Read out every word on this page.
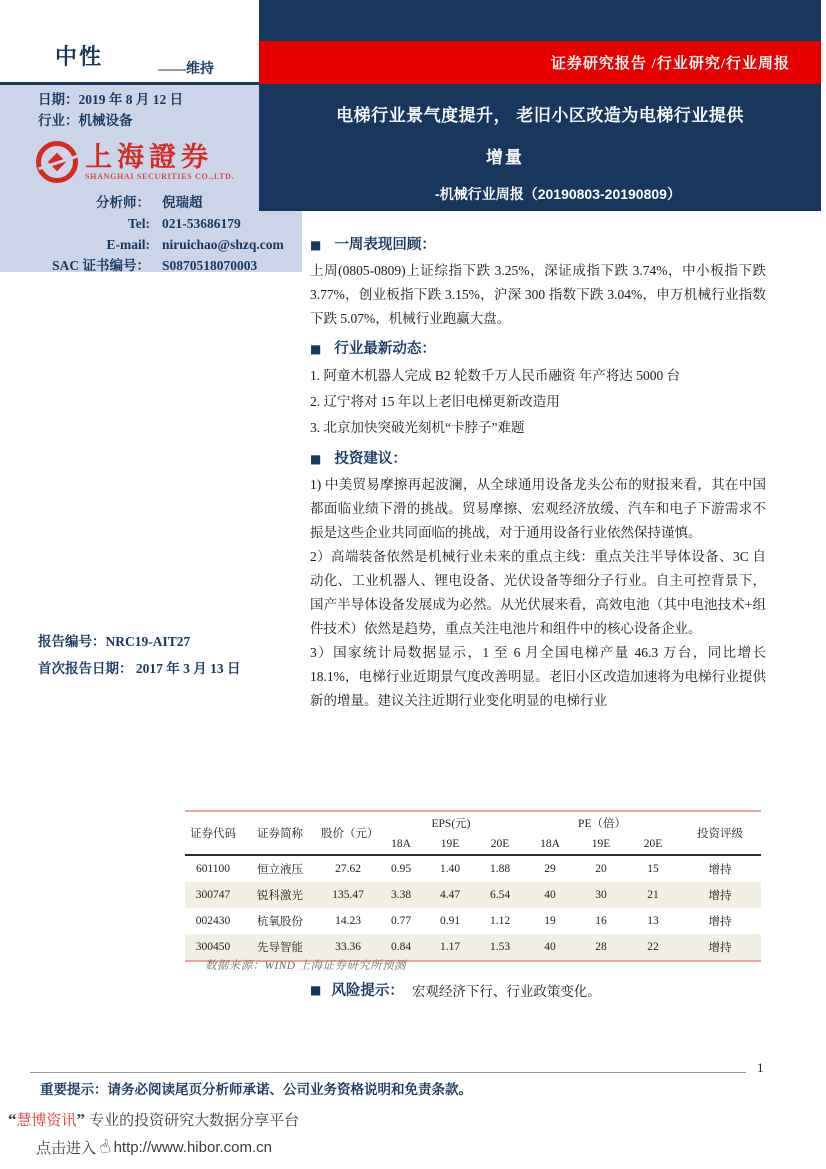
中性
——维持
日期：2019 年 8 月 12 日
行业：机械设备
上海證券
SHANGHAI SECURITIES CO.,LTD.
分析师： 倪瑞超
Tel: 021-53686179
E-mail: niruichao@shzq.com
SAC 证书编号： S0870518070003
证券研究报告 /行业研究/行业周报
电梯行业景气度提升， 老旧小区改造为电梯行业提供
增量
-机械行业周报（20190803-20190809）
报告编号：NRC19-AIT27
首次报告日期： 2017 年 3 月 13 日
■ 一周表现回顾：
上周(0805-0809)上证综指下跌 3.25%，深证成指下跌 3.74%，中小板指下跌 3.77%，创业板指下跌 3.15%，沪深 300 指数下跌 3.04%，申万机械行业指数下跌 5.07%，机械行业跑赢大盘。
■ 行业最新动态：
1. 阿童木机器人完成 B2 轮数千万人民币融资 年产将达 5000 台
2. 辽宁将对 15 年以上老旧电梯更新改造用
3. 北京加快突破光刻机“卡脖子”难题
■ 投资建议：
1) 中美贸易摩擦再起波澜，从全球通用设备龙头公布的财报来看，其在中国都面临业绩下滑的挑战。贸易摩擦、宏观经济放缓、汽车和电子下游需求不振是这些企业共同面临的挑战，对于通用设备行业依然保持谨慎。
2）高端装备依然是机械行业未来的重点主线：重点关注半导体设备、3C 自动化、工业机器人、锂电设备、光伏设备等细分子行业。自主可控背景下，国产半导体设备发展成为必然。从光伏展来看，高效电池（其中电池技术+组件技术）依然是趋势，重点关注电池片和组件中的核心设备企业。
3）国家统计局数据显示，1 至 6 月全国电梯产量 46.3 万台，同比增长 18.1%，电梯行业近期景气度改善明显。老旧小区改造加速将为电梯行业提供新的增量。建议关注近期行业变化明显的电梯行业
证券代码	证券简称	股价（元）	EPS(元)			PE（倍）			投资评级
			18A	19E	20E	18A	19E	20E	
601100	恒立液压	27.62	0.95	1.40	1.88	29	20	15	增持
300747	锐科激光	135.47	3.38	4.47	6.54	40	30	21	增持
002430	杭氧股份	14.23	0.77	0.91	1.12	19	16	13	增持
300450	先导智能	33.36	0.84	1.17	1.53	40	28	22	增持
数据来源：WIND 上海证券研究所预测
■ 风险提示： 宏观经济下行、行业政策变化。
1
重要提示：请务必阅读尾页分析师承诺、公司业务资格说明和免责条款。
“慧博资讯” 专业的投资研究大数据分享平台
点击进入 ☝ http://www.hibor.com.cn
